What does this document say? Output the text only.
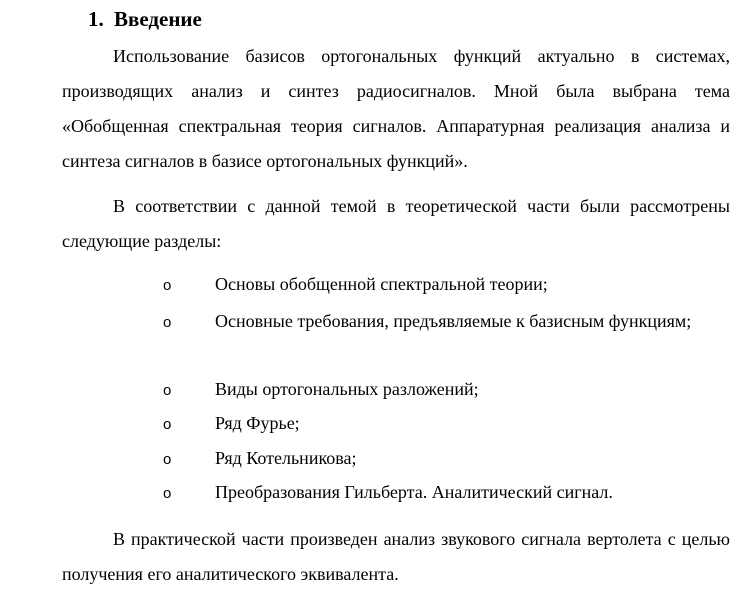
1. Введение
Использование базисов ортогональных функций актуально в системах, производящих анализ и синтез радиосигналов. Мной была выбрана тема «Обобщенная спектральная теория сигналов. Аппаратурная реализация анализа и синтеза сигналов в базисе ортогональных функций».
В соответствии с данной темой в теоретической части были рассмотрены следующие разделы:
o Основы обобщенной спектральной теории;
o Основные требования, предъявляемые к базисным функциям;
o Виды ортогональных разложений;
o Ряд Фурье;
o Ряд Котельникова;
o Преобразования Гильберта. Аналитический сигнал.
В практической части произведен анализ звукового сигнала вертолета с целью получения его аналитического эквивалента.
